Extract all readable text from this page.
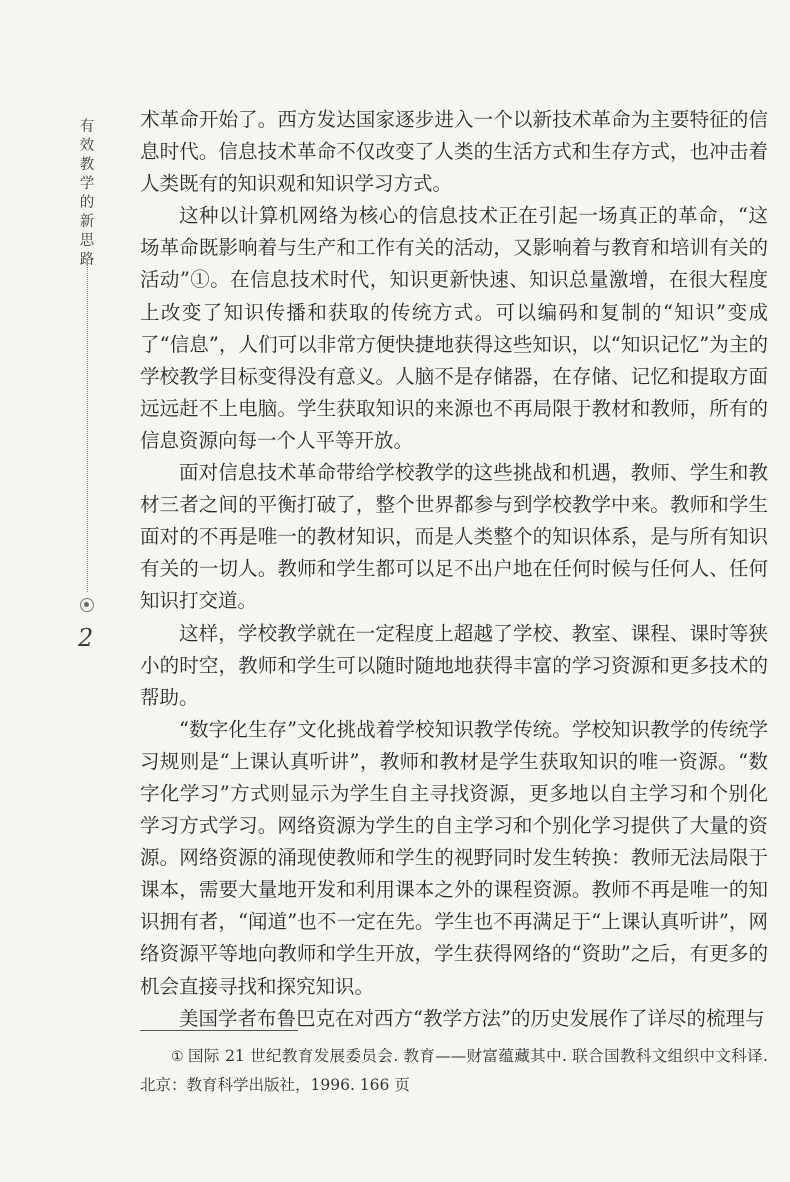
有效教学的新思路
2

术革命开始了。西方发达国家逐步进入一个以新技术革命为主要特征的信息时代。信息技术革命不仅改变了人类的生活方式和生存方式，也冲击着人类既有的知识观和知识学习方式。

这种以计算机网络为核心的信息技术正在引起一场真正的革命，“这场革命既影响着与生产和工作有关的活动，又影响着与教育和培训有关的活动”①。在信息技术时代，知识更新快速、知识总量激增，在很大程度上改变了知识传播和获取的传统方式。可以编码和复制的“知识”变成了“信息”，人们可以非常方便快捷地获得这些知识，以“知识记忆”为主的学校教学目标变得没有意义。人脑不是存储器，在存储、记忆和提取方面远远赶不上电脑。学生获取知识的来源也不再局限于教材和教师，所有的信息资源向每一个人平等开放。

面对信息技术革命带给学校教学的这些挑战和机遇，教师、学生和教材三者之间的平衡打破了，整个世界都参与到学校教学中来。教师和学生面对的不再是唯一的教材知识，而是人类整个的知识体系，是与所有知识有关的一切人。教师和学生都可以足不出户地在任何时候与任何人、任何知识打交道。

这样，学校教学就在一定程度上超越了学校、教室、课程、课时等狭小的时空，教师和学生可以随时随地地获得丰富的学习资源和更多技术的帮助。

“数字化生存”文化挑战着学校知识教学传统。学校知识教学的传统学习规则是“上课认真听讲”，教师和教材是学生获取知识的唯一资源。“数字化学习”方式则显示为学生自主寻找资源，更多地以自主学习和个别化学习方式学习。网络资源为学生的自主学习和个别化学习提供了大量的资源。网络资源的涌现使教师和学生的视野同时发生转换：教师无法局限于课本，需要大量地开发和利用课本之外的课程资源。教师不再是唯一的知识拥有者，“闻道”也不一定在先。学生也不再满足于“上课认真听讲”，网络资源平等地向教师和学生开放，学生获得网络的“资助”之后，有更多的机会直接寻找和探究知识。

美国学者布鲁巴克在对西方“教学方法”的历史发展作了详尽的梳理与

① 国际 21 世纪教育发展委员会. 教育——财富蕴藏其中. 联合国教科文组织中文科译. 北京：教育科学出版社，1996. 166 页
